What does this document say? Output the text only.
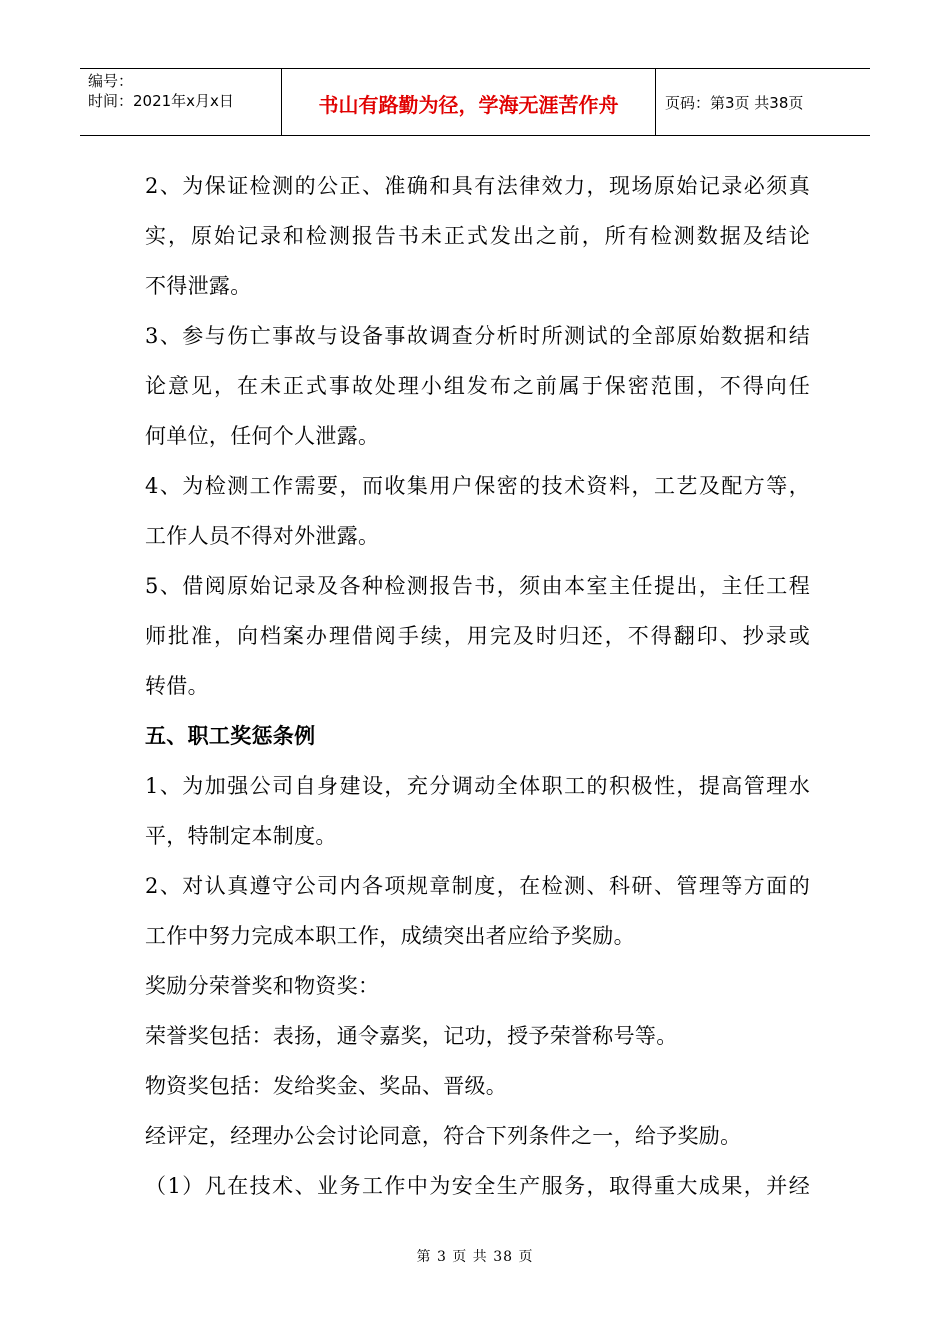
编号：
时间：2021年x月x日	书山有路勤为径，学海无涯苦作舟	页码：第3页 共38页
2、为保证检测的公正、准确和具有法律效力，现场原始记录必须真
实，原始记录和检测报告书未正式发出之前，所有检测数据及结论
不得泄露。
3、参与伤亡事故与设备事故调查分析时所测试的全部原始数据和结
论意见，在未正式事故处理小组发布之前属于保密范围，不得向任
何单位，任何个人泄露。
4、为检测工作需要，而收集用户保密的技术资料，工艺及配方等，
工作人员不得对外泄露。
5、借阅原始记录及各种检测报告书，须由本室主任提出，主任工程
师批准，向档案办理借阅手续，用完及时归还，不得翻印、抄录或
转借。
五、职工奖惩条例
1、为加强公司自身建设，充分调动全体职工的积极性，提高管理水
平，特制定本制度。
2、对认真遵守公司内各项规章制度，在检测、科研、管理等方面的
工作中努力完成本职工作，成绩突出者应给予奖励。
奖励分荣誉奖和物资奖：
荣誉奖包括：表扬，通令嘉奖，记功，授予荣誉称号等。
物资奖包括：发给奖金、奖品、晋级。
经评定，经理办公会讨论同意，符合下列条件之一，给予奖励。
（1）凡在技术、业务工作中为安全生产服务，取得重大成果，并经
第 3 页 共 38 页
